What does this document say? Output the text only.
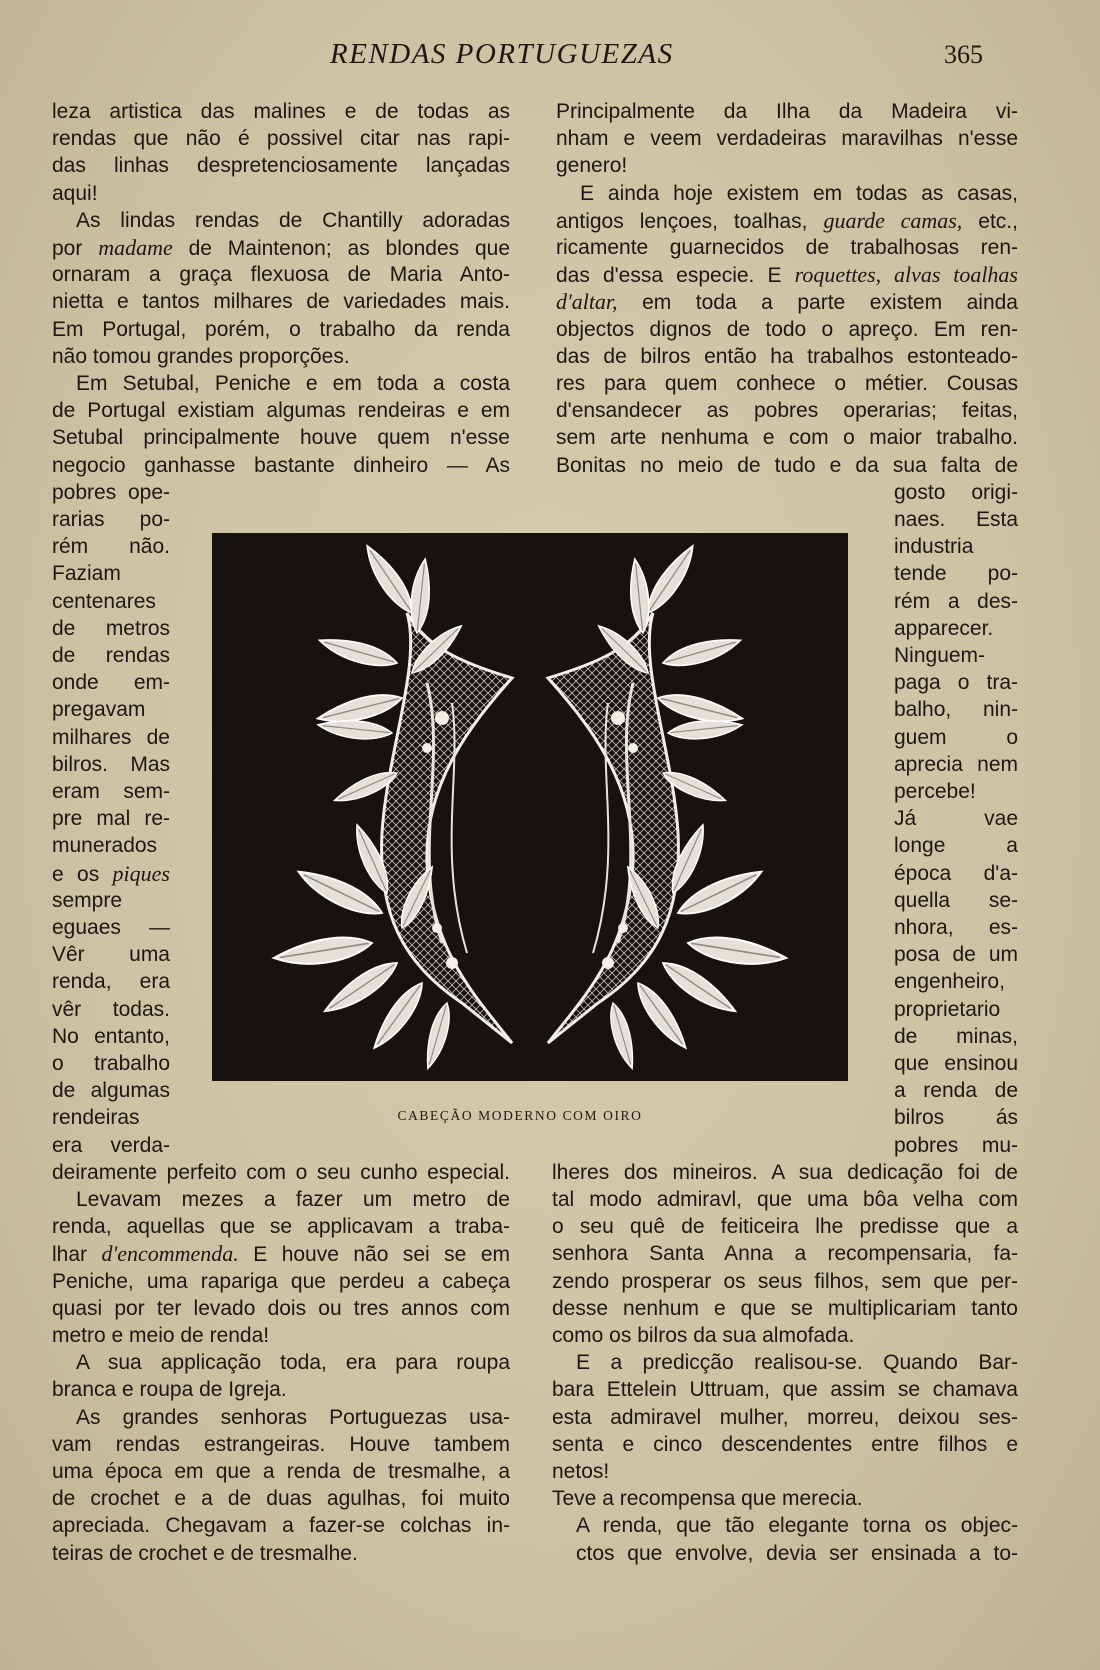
RENDAS PORTUGUEZAS	365
leza artistica das malines e de todas as
rendas que não é possivel citar nas rapi-
das linhas despretenciosamente lançadas
aqui!
As lindas rendas de Chantilly adoradas
por madame de Maintenon; as blondes que
ornaram a graça flexuosa de Maria Anto-
nietta e tantos milhares de variedades mais.
Em Portugal, porém, o trabalho da renda
não tomou grandes proporções.
Em Setubal, Peniche e em toda a costa
de Portugal existiam algumas rendeiras e em
Setubal principalmente houve quem n'esse
negocio ganhasse bastante dinheiro — As
pobres ope-
rarias po-
rém não.
Faziam
centenares
de metros
de rendas
onde em-
pregavam
milhares de
bilros. Mas
eram sem-
pre mal re-
munerados
e os piques
sempre
eguaes —
Vêr uma
renda, era
vêr todas.
No entanto,
o trabalho
de algumas
rendeiras
era verda-
deiramente perfeito com o seu cunho especial.
Levavam mezes a fazer um metro de
renda, aquellas que se applicavam a traba-
lhar d'encommenda. E houve não sei se em
Peniche, uma rapariga que perdeu a cabeça
quasi por ter levado dois ou tres annos com
metro e meio de renda!
A sua applicação toda, era para roupa
branca e roupa de Igreja.
As grandes senhoras Portuguezas usa-
vam rendas estrangeiras. Houve tambem
uma época em que a renda de tresmalhe, a
de crochet e a de duas agulhas, foi muito
apreciada. Chegavam a fazer-se colchas in-
teiras de crochet e de tresmalhe.
Principalmente da Ilha da Madeira vi-
nham e veem verdadeiras maravilhas n'esse
genero!
E ainda hoje existem em todas as casas,
antigos lençoes, toalhas, guarde camas, etc.,
ricamente guarnecidos de trabalhosas ren-
das d'essa especie. E roquettes, alvas toalhas
d'altar, em toda a parte existem ainda
objectos dignos de todo o apreço. Em ren-
das de bilros então ha trabalhos estonteado-
res para quem conhece o métier. Cousas
d'ensandecer as pobres operarias; feitas,
sem arte nenhuma e com o maior trabalho.
Bonitas no meio de tudo e da sua falta de
gosto origi-
naes. Esta
industria
tende po-
rém a des-
apparecer.
Ninguem-
paga o tra-
balho, nin-
guem o
aprecia nem
percebe!
Já vae
longe a
época d'a-
quella se-
nhora, es-
posa de um
engenheiro,
proprietario
de minas,
que ensinou
a renda de
bilros ás
pobres mu-
lheres dos mineiros. A sua dedicação foi de
tal modo admiravl, que uma bôa velha com
o seu quê de feiticeira lhe predisse que a
senhora Santa Anna a recompensaria, fa-
zendo prosperar os seus filhos, sem que per-
desse nenhum e que se multiplicariam tanto
como os bilros da sua almofada.
E a predicção realisou-se. Quando Bar-
bara Ettelein Uttruam, que assim se chamava
esta admiravel mulher, morreu, deixou ses-
senta e cinco descendentes entre filhos e
netos!
Teve a recompensa que merecia.
A renda, que tão elegante torna os objec-
ctos que envolve, devia ser ensinada a to-
CABEÇÃO MODERNO COM OIRO
